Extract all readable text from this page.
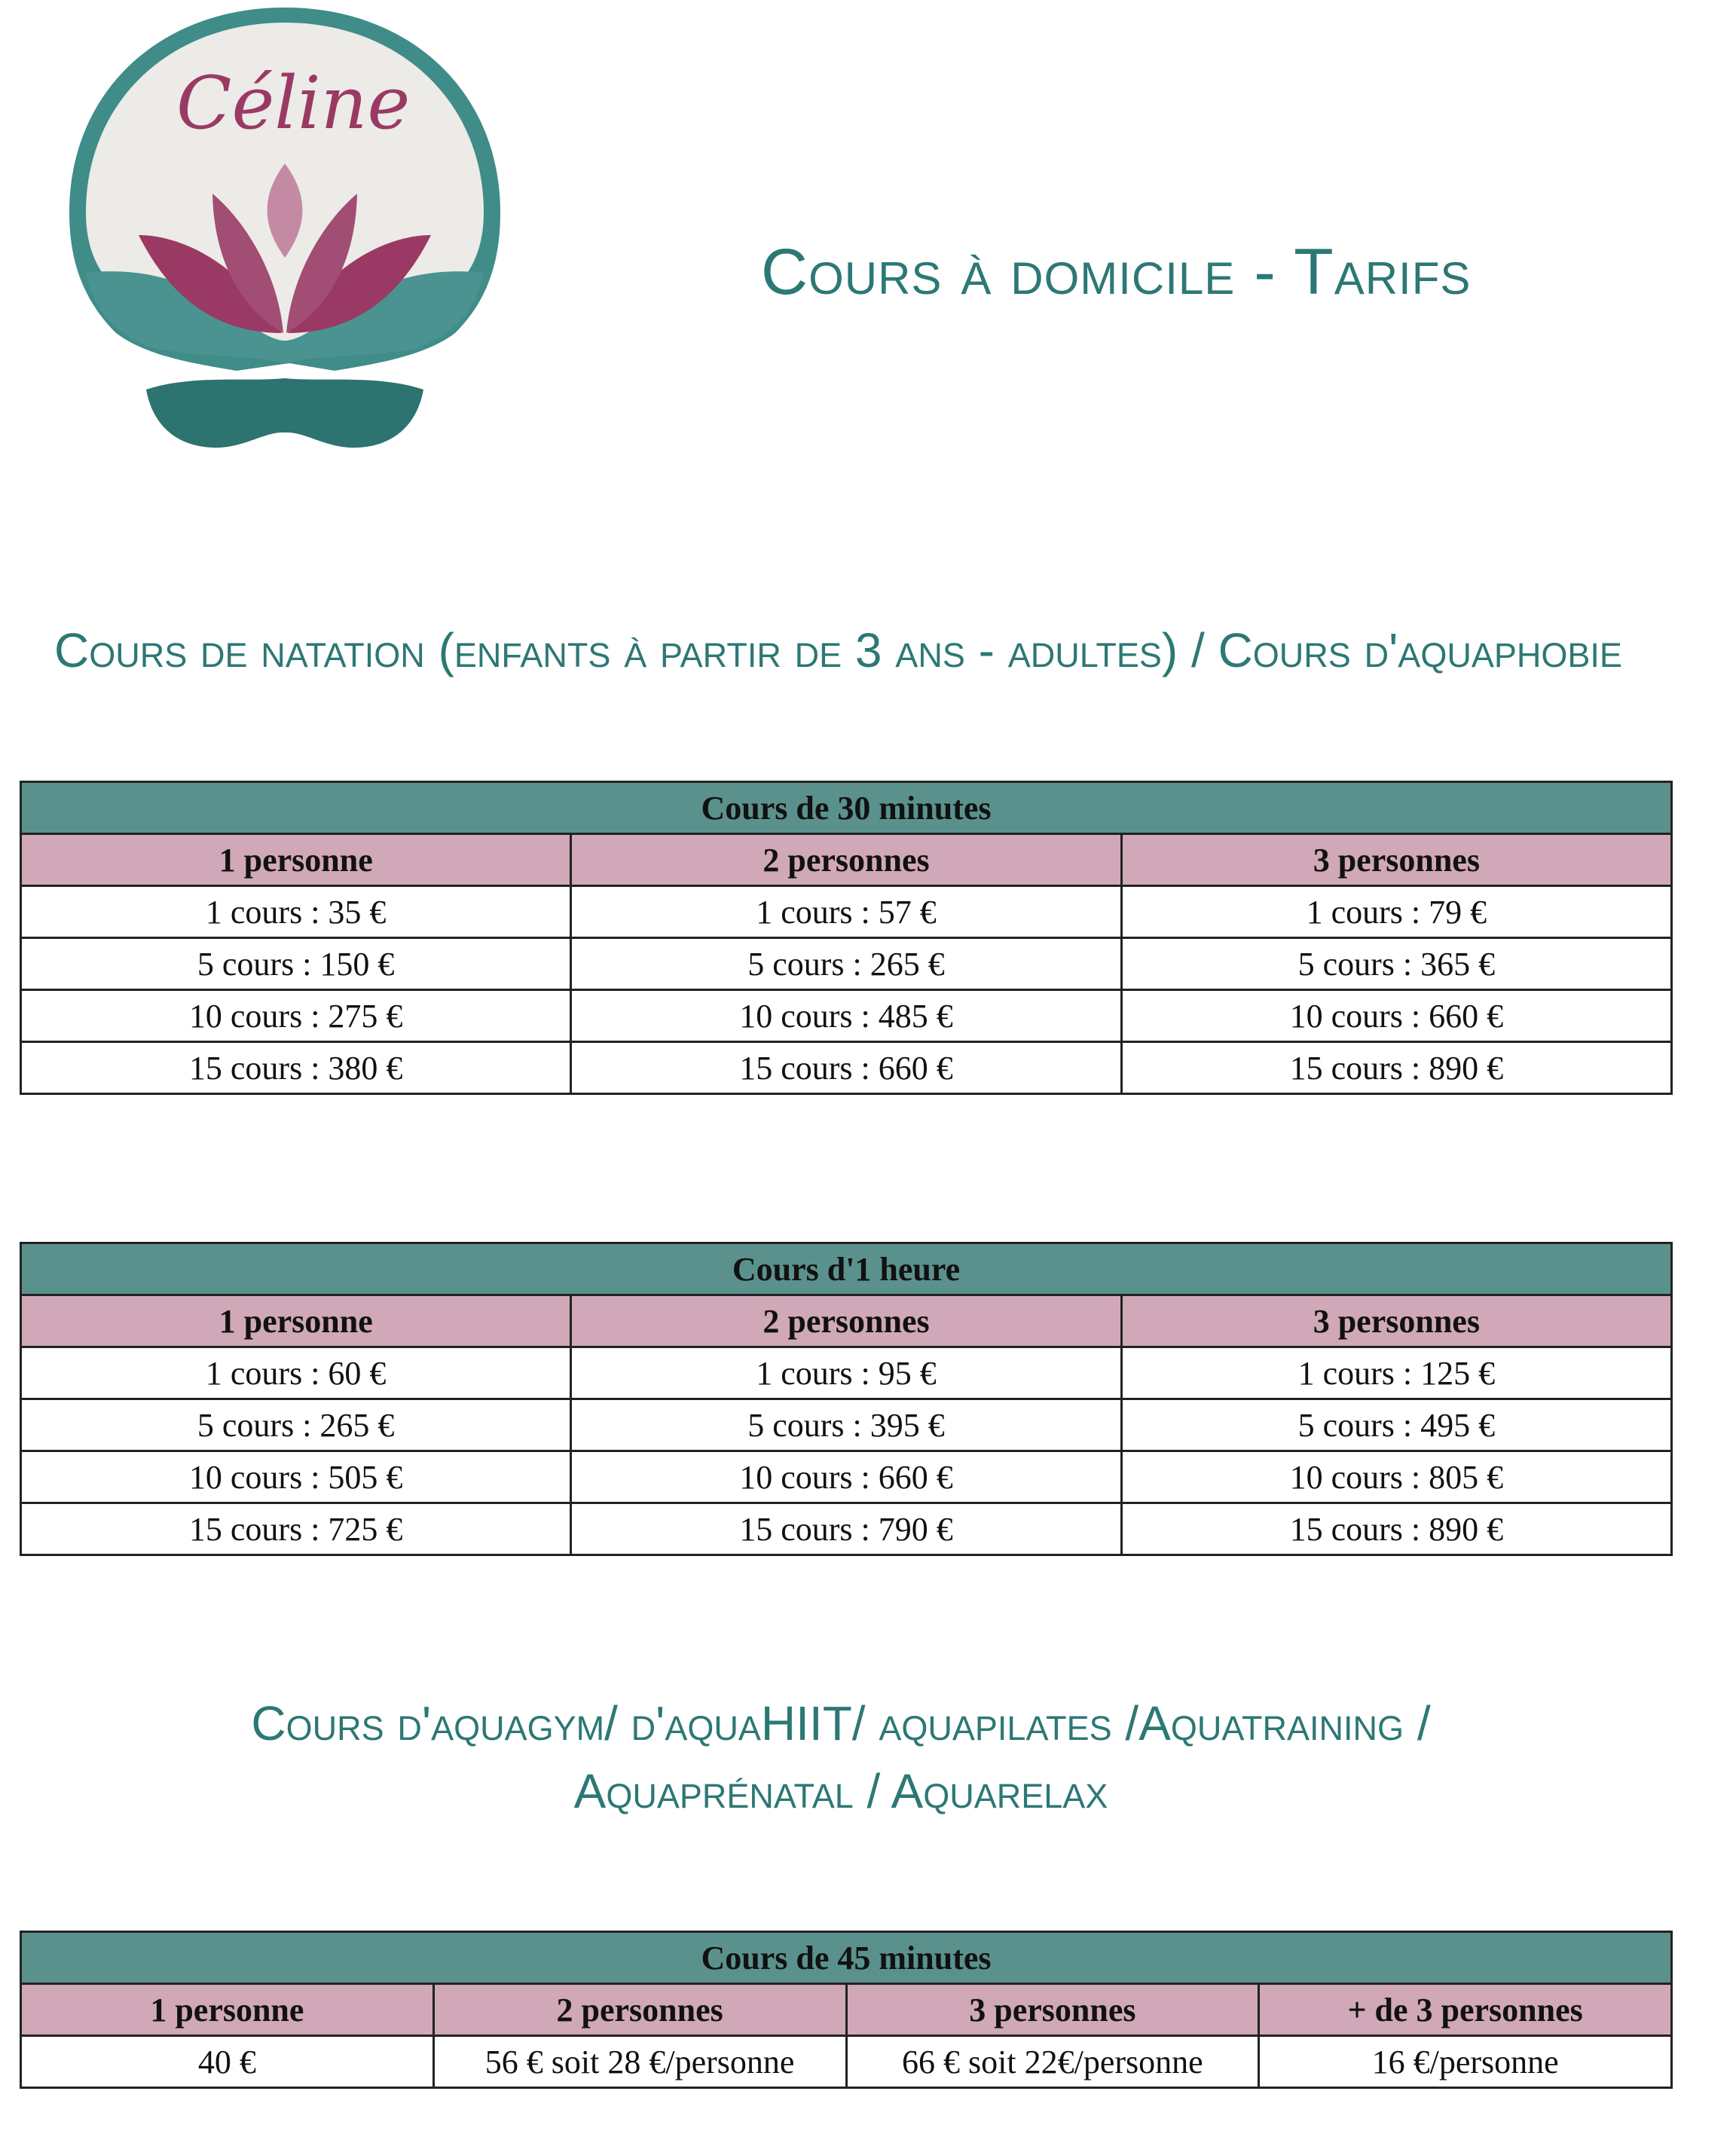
Céline
Cours à domicile - Tarifs
Cours de natation (enfants à partir de 3 ans - adultes) / Cours d'aquaphobie
Cours de 30 minutes		
1 personne	2 personnes	3 personnes
1 cours : 35 €	1 cours : 57 €	1 cours : 79 €
5 cours : 150 €	5 cours : 265 €	5 cours : 365 €
10 cours : 275 €	10 cours : 485 €	10 cours : 660 €
15 cours : 380 €	15 cours : 660 €	15 cours : 890 €
Cours d'1 heure		
1 personne	2 personnes	3 personnes
1 cours : 60 €	1 cours : 95 €	1 cours : 125 €
5 cours : 265 €	5 cours : 395 €	5 cours : 495 €
10 cours : 505 €	10 cours : 660 €	10 cours : 805 €
15 cours : 725 €	15 cours : 790 €	15 cours : 890 €
Cours d'aquagym/ d'aquaHIIT/ aquapilates /Aquatraining /
Aquaprénatal / Aquarelax
Cours de 45 minutes			
1 personne	2 personnes	3 personnes	+ de 3 personnes
40 €	56 € soit 28 €/personne	66 € soit 22€/personne	16 €/personne
